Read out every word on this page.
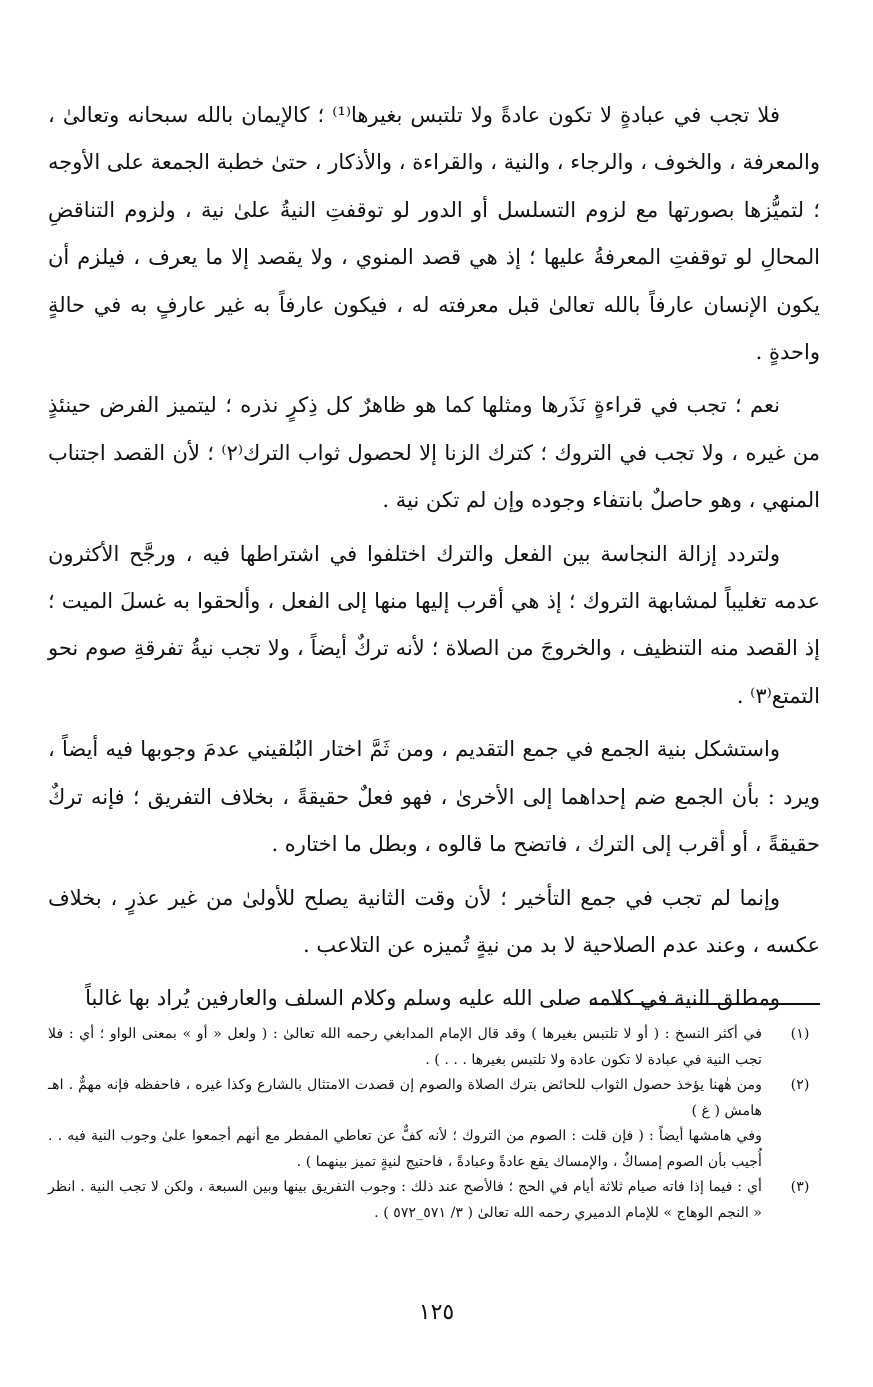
فلا تجب في عبادةٍ لا تكون عادةً ولا تلتبس بغيرها⁽¹⁾ ؛ كالإيمان بالله سبحانه وتعالىٰ ، والمعرفة ، والخوف ، والرجاء ، والنية ، والقراءة ، والأذكار ، حتىٰ خطبة الجمعة على الأوجه ؛ لتميُّزها بصورتها مع لزوم التسلسل أو الدور لو توقفتِ النيةُ علىٰ نية ، ولزوم التناقضِ المحالِ لو توقفتِ المعرفةُ عليها ؛ إذ هي قصد المنوي ، ولا يقصد إلا ما يعرف ، فيلزم أن يكون الإنسان عارفاً بالله تعالىٰ قبل معرفته له ، فيكون عارفاً به غير عارفٍ به في حالةٍ واحدةٍ .

نعم ؛ تجب في قراءةٍ نَذَرها ومثلها كما هو ظاهرٌ كل ذِكرٍ نذره ؛ ليتميز الفرض حينئذٍ من غيره ، ولا تجب في التروك ؛ كترك الزنا إلا لحصول ثواب الترك⁽٢⁾ ؛ لأن القصد اجتناب المنهي ، وهو حاصلٌ بانتفاء وجوده وإن لم تكن نية .

ولتردد إزالة النجاسة بين الفعل والترك اختلفوا في اشتراطها فيه ، ورجَّح الأكثرون عدمه تغليباً لمشابهة التروك ؛ إذ هي أقرب إليها منها إلى الفعل ، وألحقوا به غسلَ الميت ؛ إذ القصد منه التنظيف ، والخروجَ من الصلاة ؛ لأنه تركٌ أيضاً ، ولا تجب نيةُ تفرقةِ صوم نحو التمتع⁽٣⁾ .

واستشكل بنية الجمع في جمع التقديم ، ومن ثَمَّ اختار البُلقيني عدمَ وجوبها فيه أيضاً ، ويرد : بأن الجمع ضم إحداهما إلى الأخرىٰ ، فهو فعلٌ حقيقةً ، بخلاف التفريق ؛ فإنه تركٌ حقيقةً ، أو أقرب إلى الترك ، فاتضح ما قالوه ، وبطل ما اختاره .

وإنما لم تجب في جمع التأخير ؛ لأن وقت الثانية يصلح للأولىٰ من غير عذرٍ ، بخلاف عكسه ، وعند عدم الصلاحية لا بد من نيةٍ تُميزه عن التلاعب .

ومطلق النية في كلامه صلى الله عليه وسلم وكلام السلف والعارفين يُراد بها غالباً

(١)
في أكثر النسخ : ( أو لا تلتبس بغيرها ) وقد قال الإمام المدابغي رحمه الله تعالىٰ : ( ولعل « أو » بمعنى الواو ؛ أي : فلا تجب النية في عبادة لا تكون عادة ولا تلتبس بغيرها . . . ) .
(٢)
ومن هٰهنا يؤخذ حصول الثواب للحائض بترك الصلاة والصوم إن قصدت الامتثال بالشارع وكذا غيره ، فاحفظه فإنه مهمٌّ . اهـ هامش ( غ )

وفي هامشها أيضاً : ( فإن قلت : الصوم من التروك ؛ لأنه كفٌّ عن تعاطي المفطر مع أنهم أجمعوا علىٰ وجوب النية فيه . . أُجيب بأن الصوم إمساكٌ ، والإمساك يقع عادةً وعبادةً ، فاحتيج لنيةٍ تميز بينهما ) .

(٣)
أي : فيما إذا فاته صيام ثلاثة أيام في الحج ؛ فالأصح عند ذلك : وجوب التفريق بينها وبين السبعة ، ولكن لا تجب النية . انظر « النجم الوهاج » للإمام الدميري رحمه الله تعالىٰ ( ٣/ ٥٧١_٥٧٢ ) .
١٢٥
